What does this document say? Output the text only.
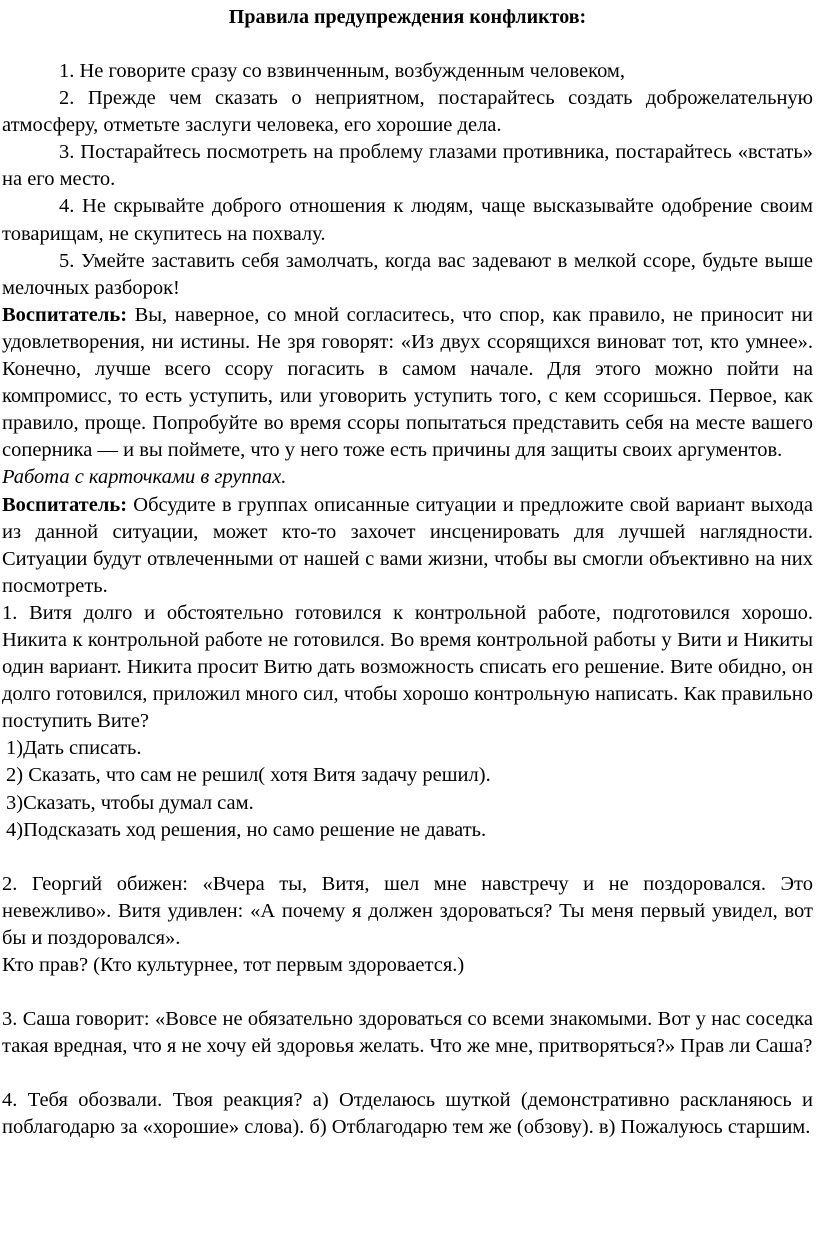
Правила предупреждения конфликтов:
1. Не говорите сразу со взвинченным, возбужденным человеком,
2. Прежде чем сказать о неприятном, постарайтесь создать доброжелательную атмосферу, отметьте заслуги человека, его хорошие дела.
3. Постарайтесь посмотреть на проблему глазами противника, постарайтесь «встать» на его место.
4. Не скрывайте доброго отношения к людям, чаще высказывайте одобрение своим товарищам, не скупитесь на похвалу.
5. Умейте заставить себя замолчать, когда вас задевают в мелкой ссоре, будьте выше мелочных разборок!
Воспитатель: Вы, наверное, со мной согласитесь, что спор, как правило, не приносит ни удовлетворения, ни истины. Не зря говорят: «Из двух ссорящихся виноват тот, кто умнее». Конечно, лучше всего ссору погасить в самом начале. Для этого можно пойти на компромисс, то есть уступить, или уговорить уступить того, с кем ссоришься. Первое, как правило, проще. Попробуйте во время ссоры попытаться представить себя на месте вашего соперника — и вы поймете, что у него тоже есть причины для защиты своих аргументов.
Работа с карточками в группах.
Воспитатель: Обсудите в группах описанные ситуации и предложите свой вариант выхода из данной ситуации, может кто-то захочет инсценировать для лучшей наглядности. Ситуации будут отвлеченными от нашей с вами жизни, чтобы вы смогли объективно на них посмотреть.
1. Витя долго и обстоятельно готовился к контрольной работе, подготовился хорошо. Никита к контрольной работе не готовился. Во время контрольной работы у Вити и Никиты один вариант. Никита просит Витю дать возможность списать его решение. Вите обидно, он долго готовился, приложил много сил, чтобы хорошо контрольную написать. Как правильно поступить Вите?
1)Дать списать.
2) Сказать, что сам не решил( хотя Витя задачу решил).
3)Сказать, чтобы думал сам.
4)Подсказать ход решения, но само решение не давать.
2. Георгий обижен: «Вчера ты, Витя, шел мне навстречу и не поздоровался. Это невежливо». Витя удивлен: «А почему я должен здороваться? Ты меня первый увидел, вот бы и поздоровался».
Кто прав? (Кто культурнее, тот первым здоровается.)
3. Саша говорит: «Вовсе не обязательно здороваться со всеми знакомыми. Вот у нас соседка такая вредная, что я не хочу ей здоровья желать. Что же мне, притворяться?» Прав ли Саша?
4. Тебя обозвали. Твоя реакция? а) Отделаюсь шуткой (демонстративно раскланяюсь и поблагодарю за «хорошие» слова). б) Отблагодарю тем же (обзову). в) Пожалуюсь старшим.
